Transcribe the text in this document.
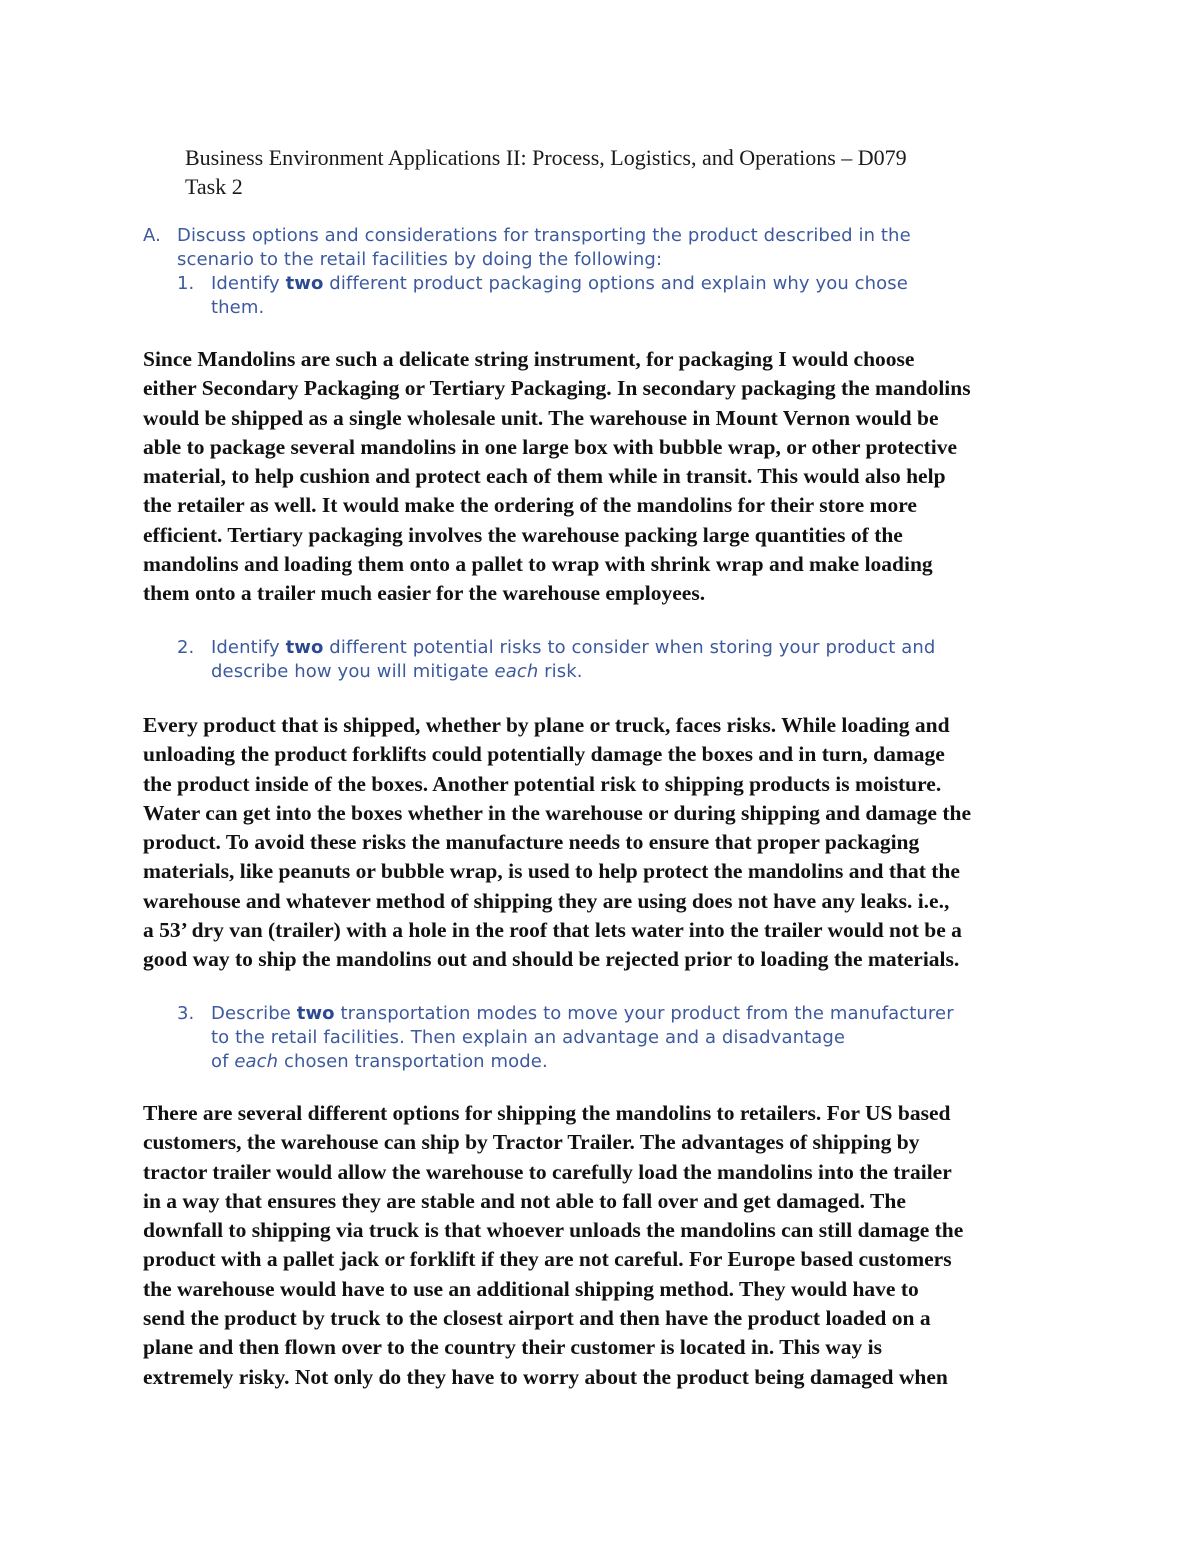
Business Environment Applications II: Process, Logistics, and Operations – D079
Task 2
A. Discuss options and considerations for transporting the product described in the
scenario to the retail facilities by doing the following:
1. Identify two different product packaging options and explain why you chose
them.
Since Mandolins are such a delicate string instrument, for packaging I would choose
either Secondary Packaging or Tertiary Packaging. In secondary packaging the mandolins
would be shipped as a single wholesale unit. The warehouse in Mount Vernon would be
able to package several mandolins in one large box with bubble wrap, or other protective
material, to help cushion and protect each of them while in transit. This would also help
the retailer as well. It would make the ordering of the mandolins for their store more
efficient. Tertiary packaging involves the warehouse packing large quantities of the
mandolins and loading them onto a pallet to wrap with shrink wrap and make loading
them onto a trailer much easier for the warehouse employees.
2. Identify two different potential risks to consider when storing your product and
describe how you will mitigate each risk.
Every product that is shipped, whether by plane or truck, faces risks. While loading and
unloading the product forklifts could potentially damage the boxes and in turn, damage
the product inside of the boxes. Another potential risk to shipping products is moisture.
Water can get into the boxes whether in the warehouse or during shipping and damage the
product. To avoid these risks the manufacture needs to ensure that proper packaging
materials, like peanuts or bubble wrap, is used to help protect the mandolins and that the
warehouse and whatever method of shipping they are using does not have any leaks. i.e.,
a 53’ dry van (trailer) with a hole in the roof that lets water into the trailer would not be a
good way to ship the mandolins out and should be rejected prior to loading the materials.
3. Describe two transportation modes to move your product from the manufacturer
to the retail facilities. Then explain an advantage and a disadvantage
of each chosen transportation mode.
There are several different options for shipping the mandolins to retailers. For US based
customers, the warehouse can ship by Tractor Trailer. The advantages of shipping by
tractor trailer would allow the warehouse to carefully load the mandolins into the trailer
in a way that ensures they are stable and not able to fall over and get damaged. The
downfall to shipping via truck is that whoever unloads the mandolins can still damage the
product with a pallet jack or forklift if they are not careful. For Europe based customers
the warehouse would have to use an additional shipping method. They would have to
send the product by truck to the closest airport and then have the product loaded on a
plane and then flown over to the country their customer is located in. This way is
extremely risky. Not only do they have to worry about the product being damaged when
